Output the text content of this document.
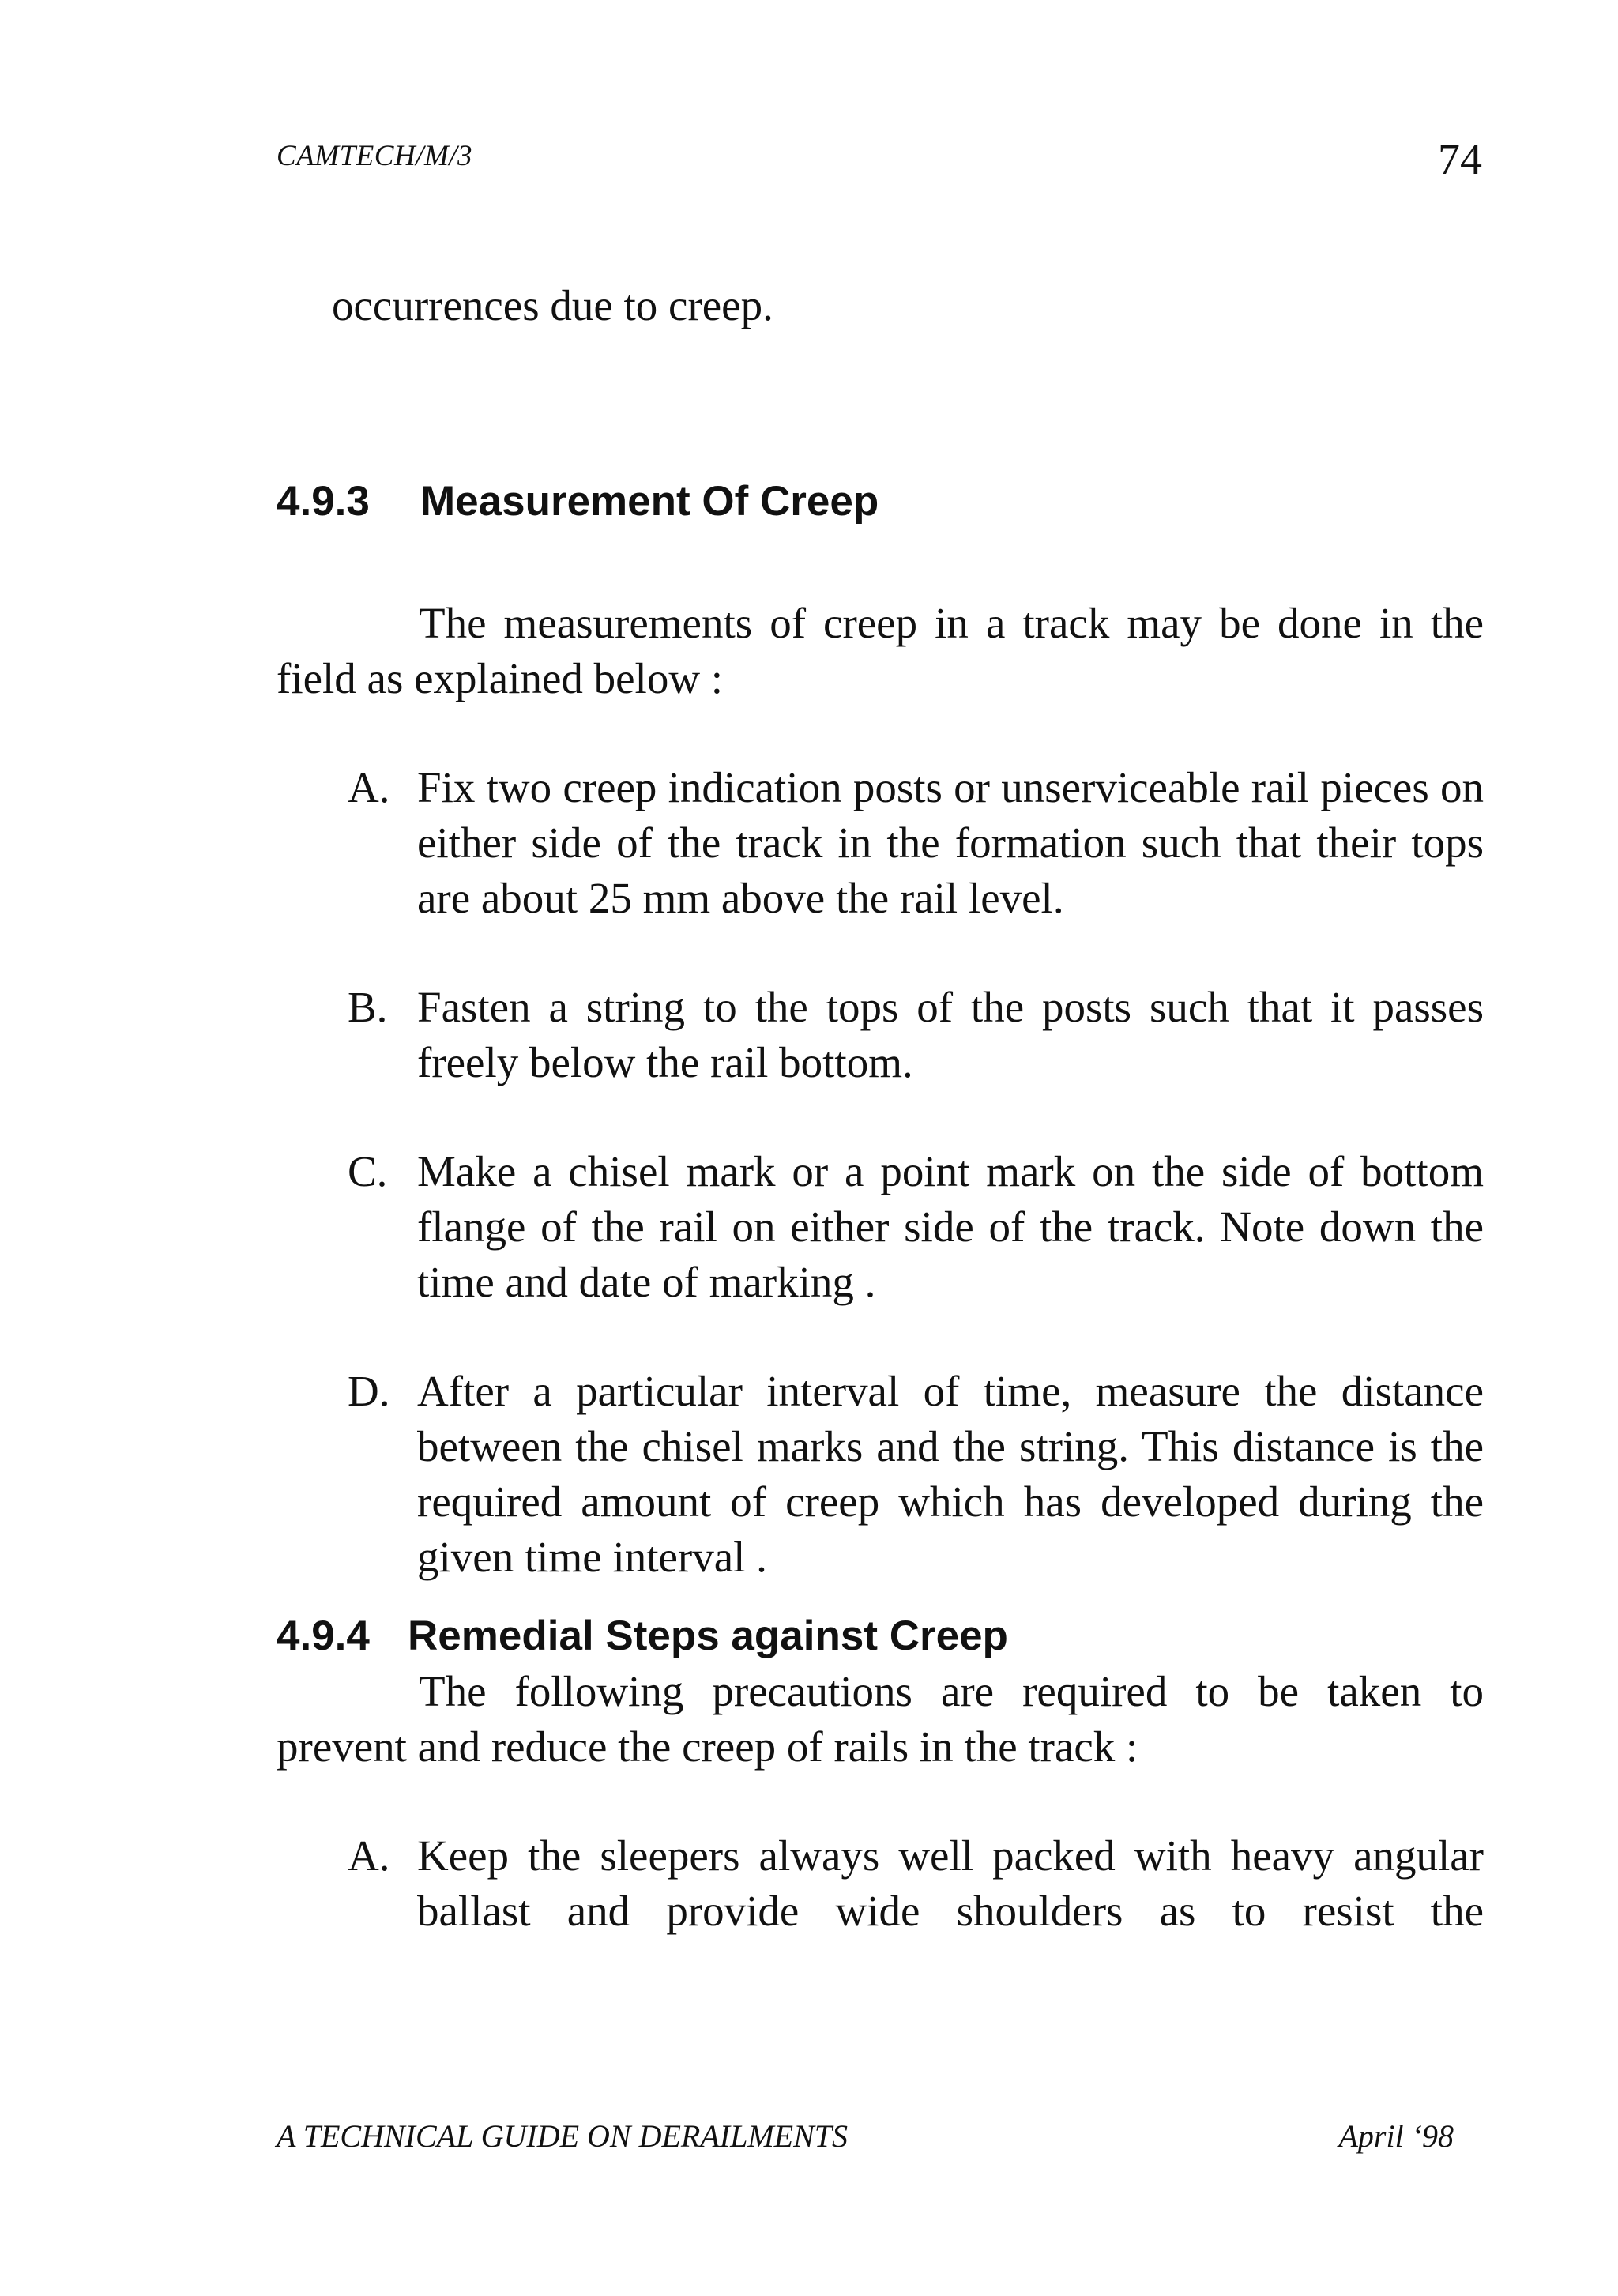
CAMTECH/M/3	74

occurrences due to creep.

4.9.3 Measurement Of Creep

The measurements of creep in a track may be done in the field as explained below :

A. Fix two creep indication posts or unserviceable rail pieces on either side of the track in the formation such that their tops are about 25 mm above the rail level.
B. Fasten a string to the tops of the posts such that it passes freely below the rail bottom.
C. Make a chisel mark or a point mark on the side of bottom flange of the rail on either side of the track. Note down the time and date of marking .
D. After a particular interval of time, measure the distance between the chisel marks and the string. This distance is the required amount of creep which has developed during the given time interval .
4.9.4 Remedial Steps against Creep

The following precautions are required to be taken to prevent and reduce the creep of rails in the track :

A. Keep the sleepers always well packed with heavy angular ballast and provide wide shoulders as to resist the
A TECHNICAL GUIDE ON DERAILMENTS	April ‘98
